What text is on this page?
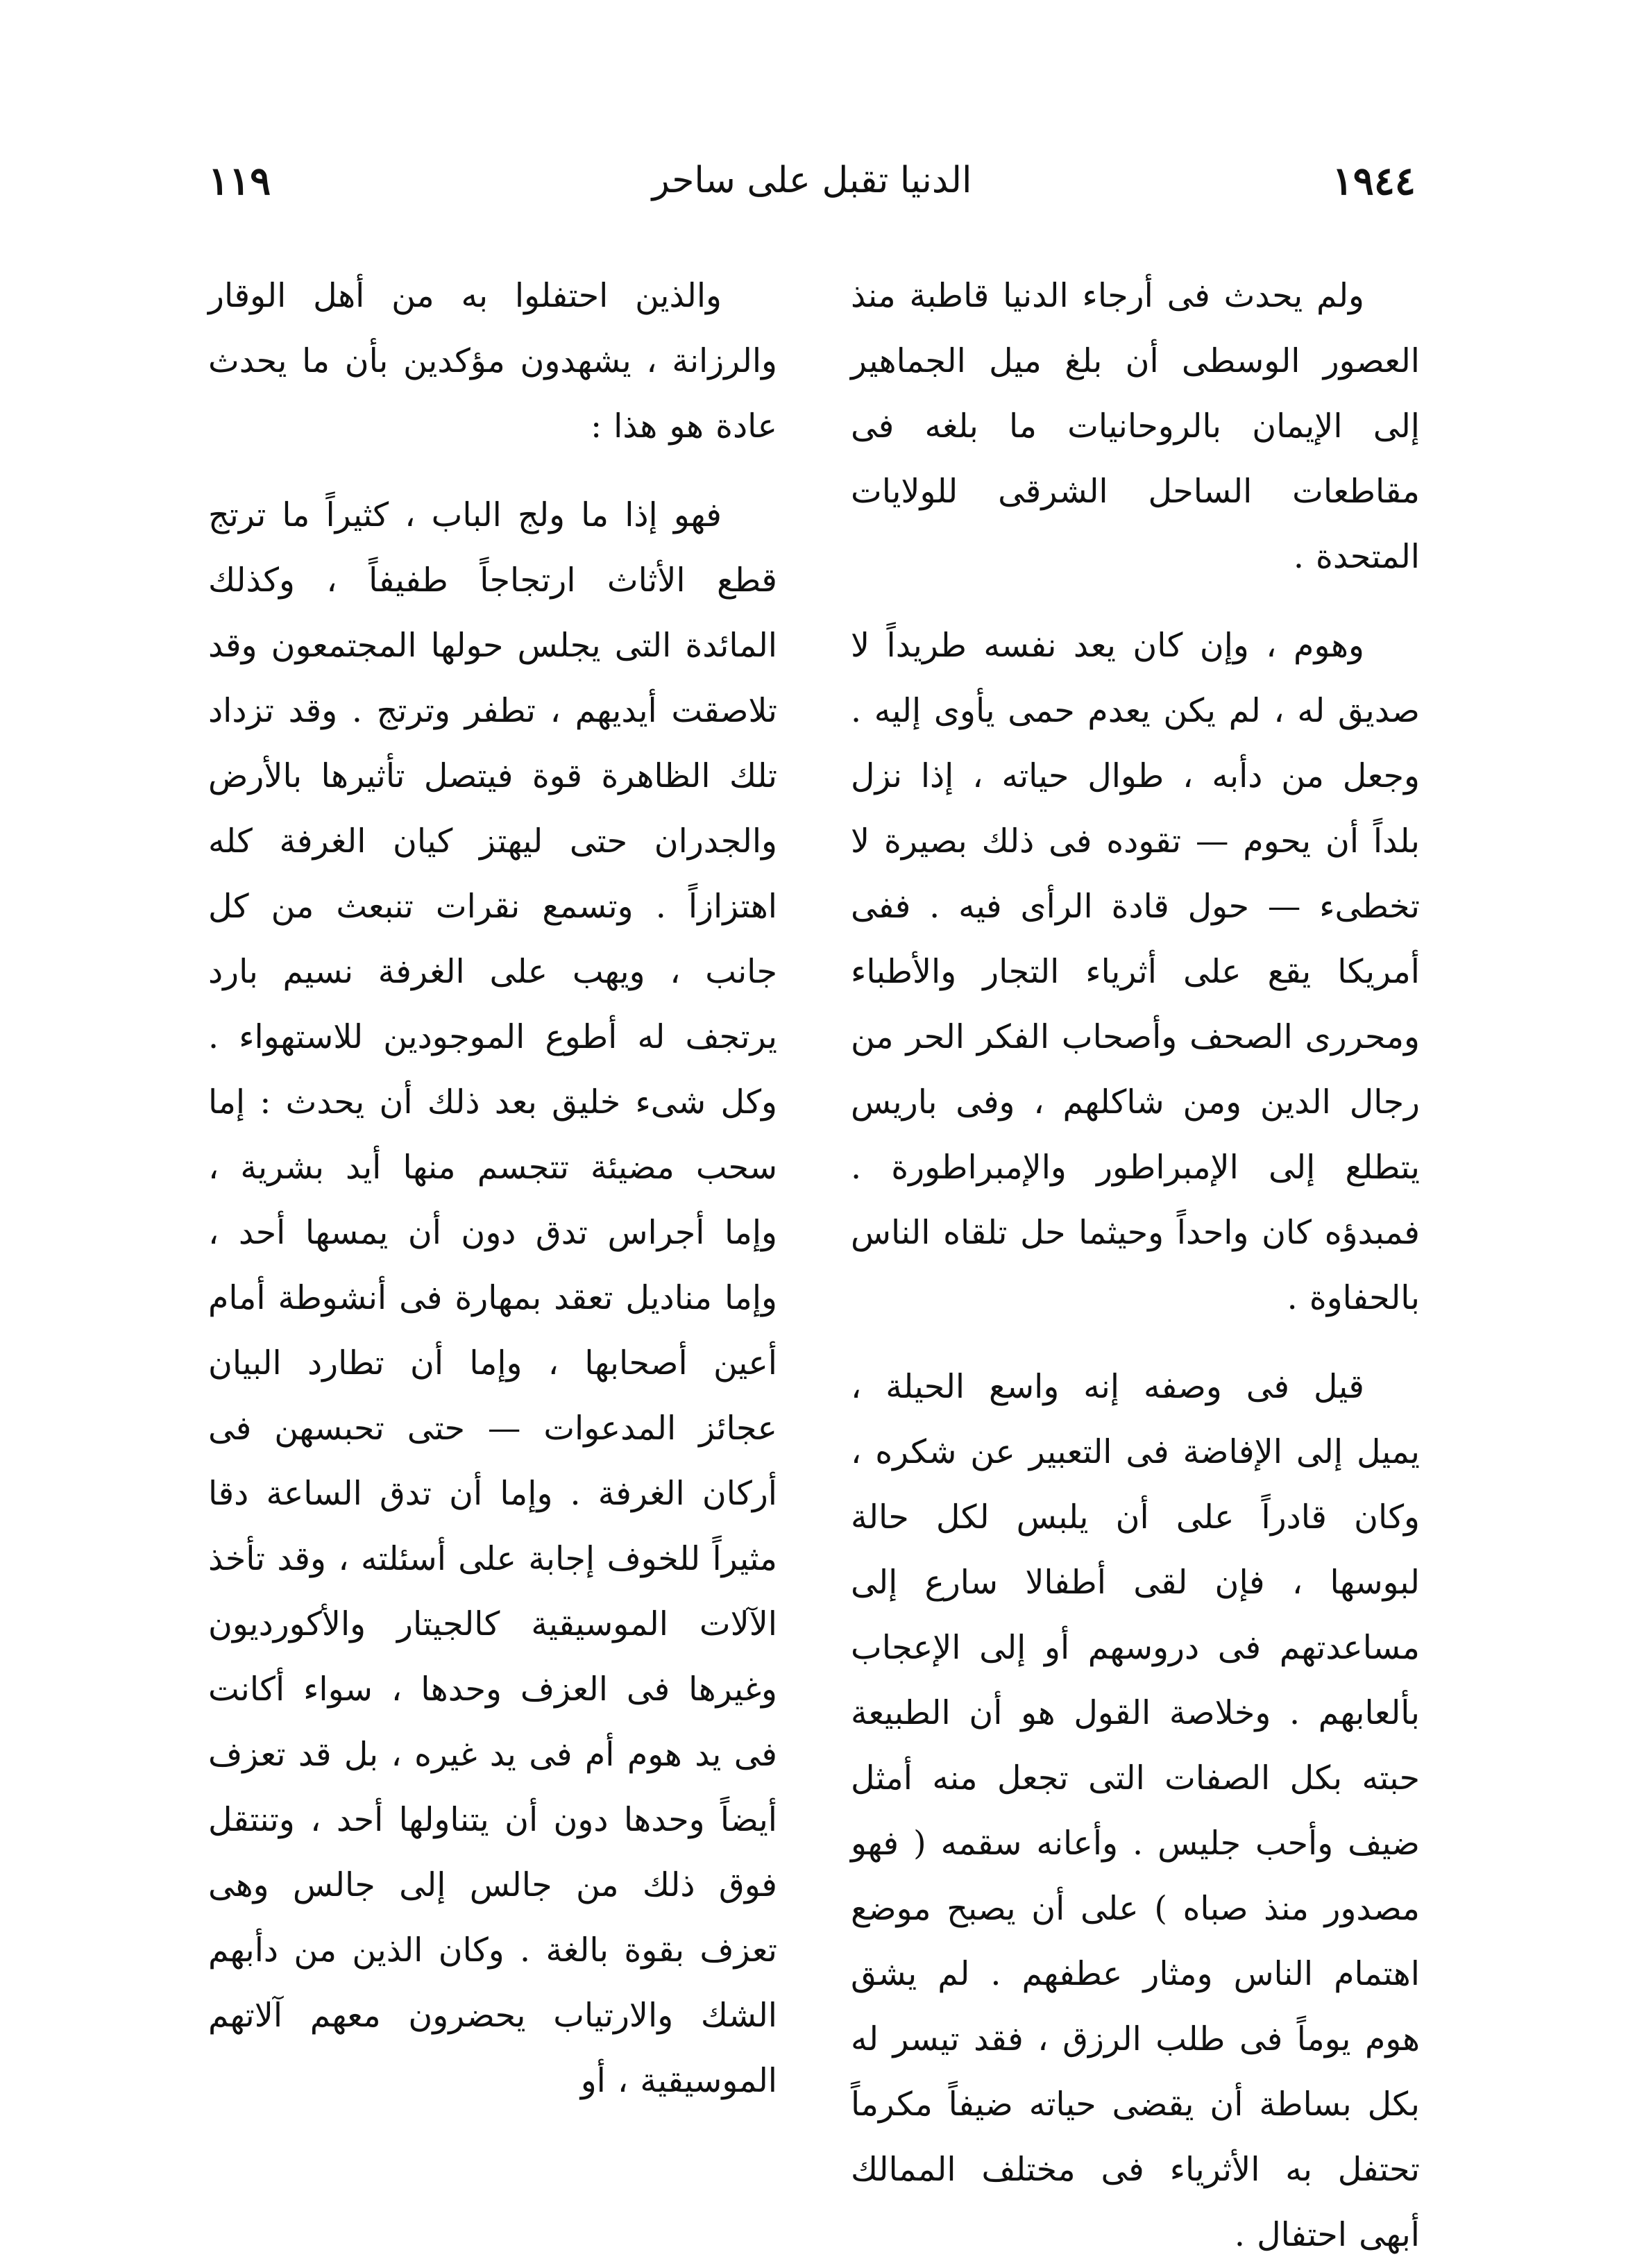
١٩٤٤
الدنيا تقبل على ساحر
١١٩

ولم يحدث فى أرجاء الدنيا قاطبة منذ العصور الوسطى أن بلغ ميل الجماهير إلى الإيمان بالروحانيات ما بلغه فى مقاطعات الساحل الشرقى للولايات المتحدة .

وهوم ، وإن كان يعد نفسه طريداً لا صديق له ، لم يكن يعدم حمى يأوى إليه . وجعل من دأبه ، طوال حياته ، إذا نزل بلداً أن يحوم — تقوده فى ذلك بصيرة لا تخطىء — حول قادة الرأى فيه . ففى أمريكا يقع على أثرياء التجار والأطباء ومحررى الصحف وأصحاب الفكر الحر من رجال الدين ومن شاكلهم ، وفى باريس يتطلع إلى الإمبراطور والإمبراطورة . فمبدؤه كان واحداً وحيثما حل تلقاه الناس بالحفاوة .

قيل فى وصفه إنه واسع الحيلة ، يميل إلى الإفاضة فى التعبير عن شكره ، وكان قادراً على أن يلبس لكل حالة لبوسها ، فإن لقى أطفالا سارع إلى مساعدتهم فى دروسهم أو إلى الإعجاب بألعابهم . وخلاصة القول هو أن الطبيعة حبته بكل الصفات التى تجعل منه أمثل ضيف وأحب جليس . وأعانه سقمه ( فهو مصدور منذ صباه ) على أن يصبح موضع اهتمام الناس ومثار عطفهم . لم يشق هوم يوماً فى طلب الرزق ، فقد تيسر له بكل بساطة أن يقضى حياته ضيفاً مكرماً تحتفل به الأثرياء فى مختلف الممالك أبهى احتفال .

والذين احتفلوا به من أهل الوقار والرزانة ، يشهدون مؤكدين بأن ما يحدث عادة هو هذا :

فهو إذا ما ولج الباب ، كثيراً ما ترتج قطع الأثاث ارتجاجاً طفيفاً ، وكذلك المائدة التى يجلس حولها المجتمعون وقد تلاصقت أيديهم ، تطفر وترتج . وقد تزداد تلك الظاهرة قوة فيتصل تأثيرها بالأرض والجدران حتى ليهتز كيان الغرفة كله اهتزازاً . وتسمع نقرات تنبعث من كل جانب ، ويهب على الغرفة نسيم بارد يرتجف له أطوع الموجودين للاستهواء . وكل شىء خليق بعد ذلك أن يحدث : إما سحب مضيئة تتجسم منها أيد بشرية ، وإما أجراس تدق دون أن يمسها أحد ، وإما مناديل تعقد بمهارة فى أنشوطة أمام أعين أصحابها ، وإما أن تطارد البيان عجائز المدعوات — حتى تحبسهن فى أركان الغرفة . وإما أن تدق الساعة دقا مثيراً للخوف إجابة على أسئلته ، وقد تأخذ الآلات الموسيقية كالجيتار والأكورديون وغيرها فى العزف وحدها ، سواء أكانت فى يد هوم أم فى يد غيره ، بل قد تعزف أيضاً وحدها دون أن يتناولها أحد ، وتنتقل فوق ذلك من جالس إلى جالس وهى تعزف بقوة بالغة . وكان الذين من دأبهم الشك والارتياب يحضرون معهم آلاتهم الموسيقية ، أو
